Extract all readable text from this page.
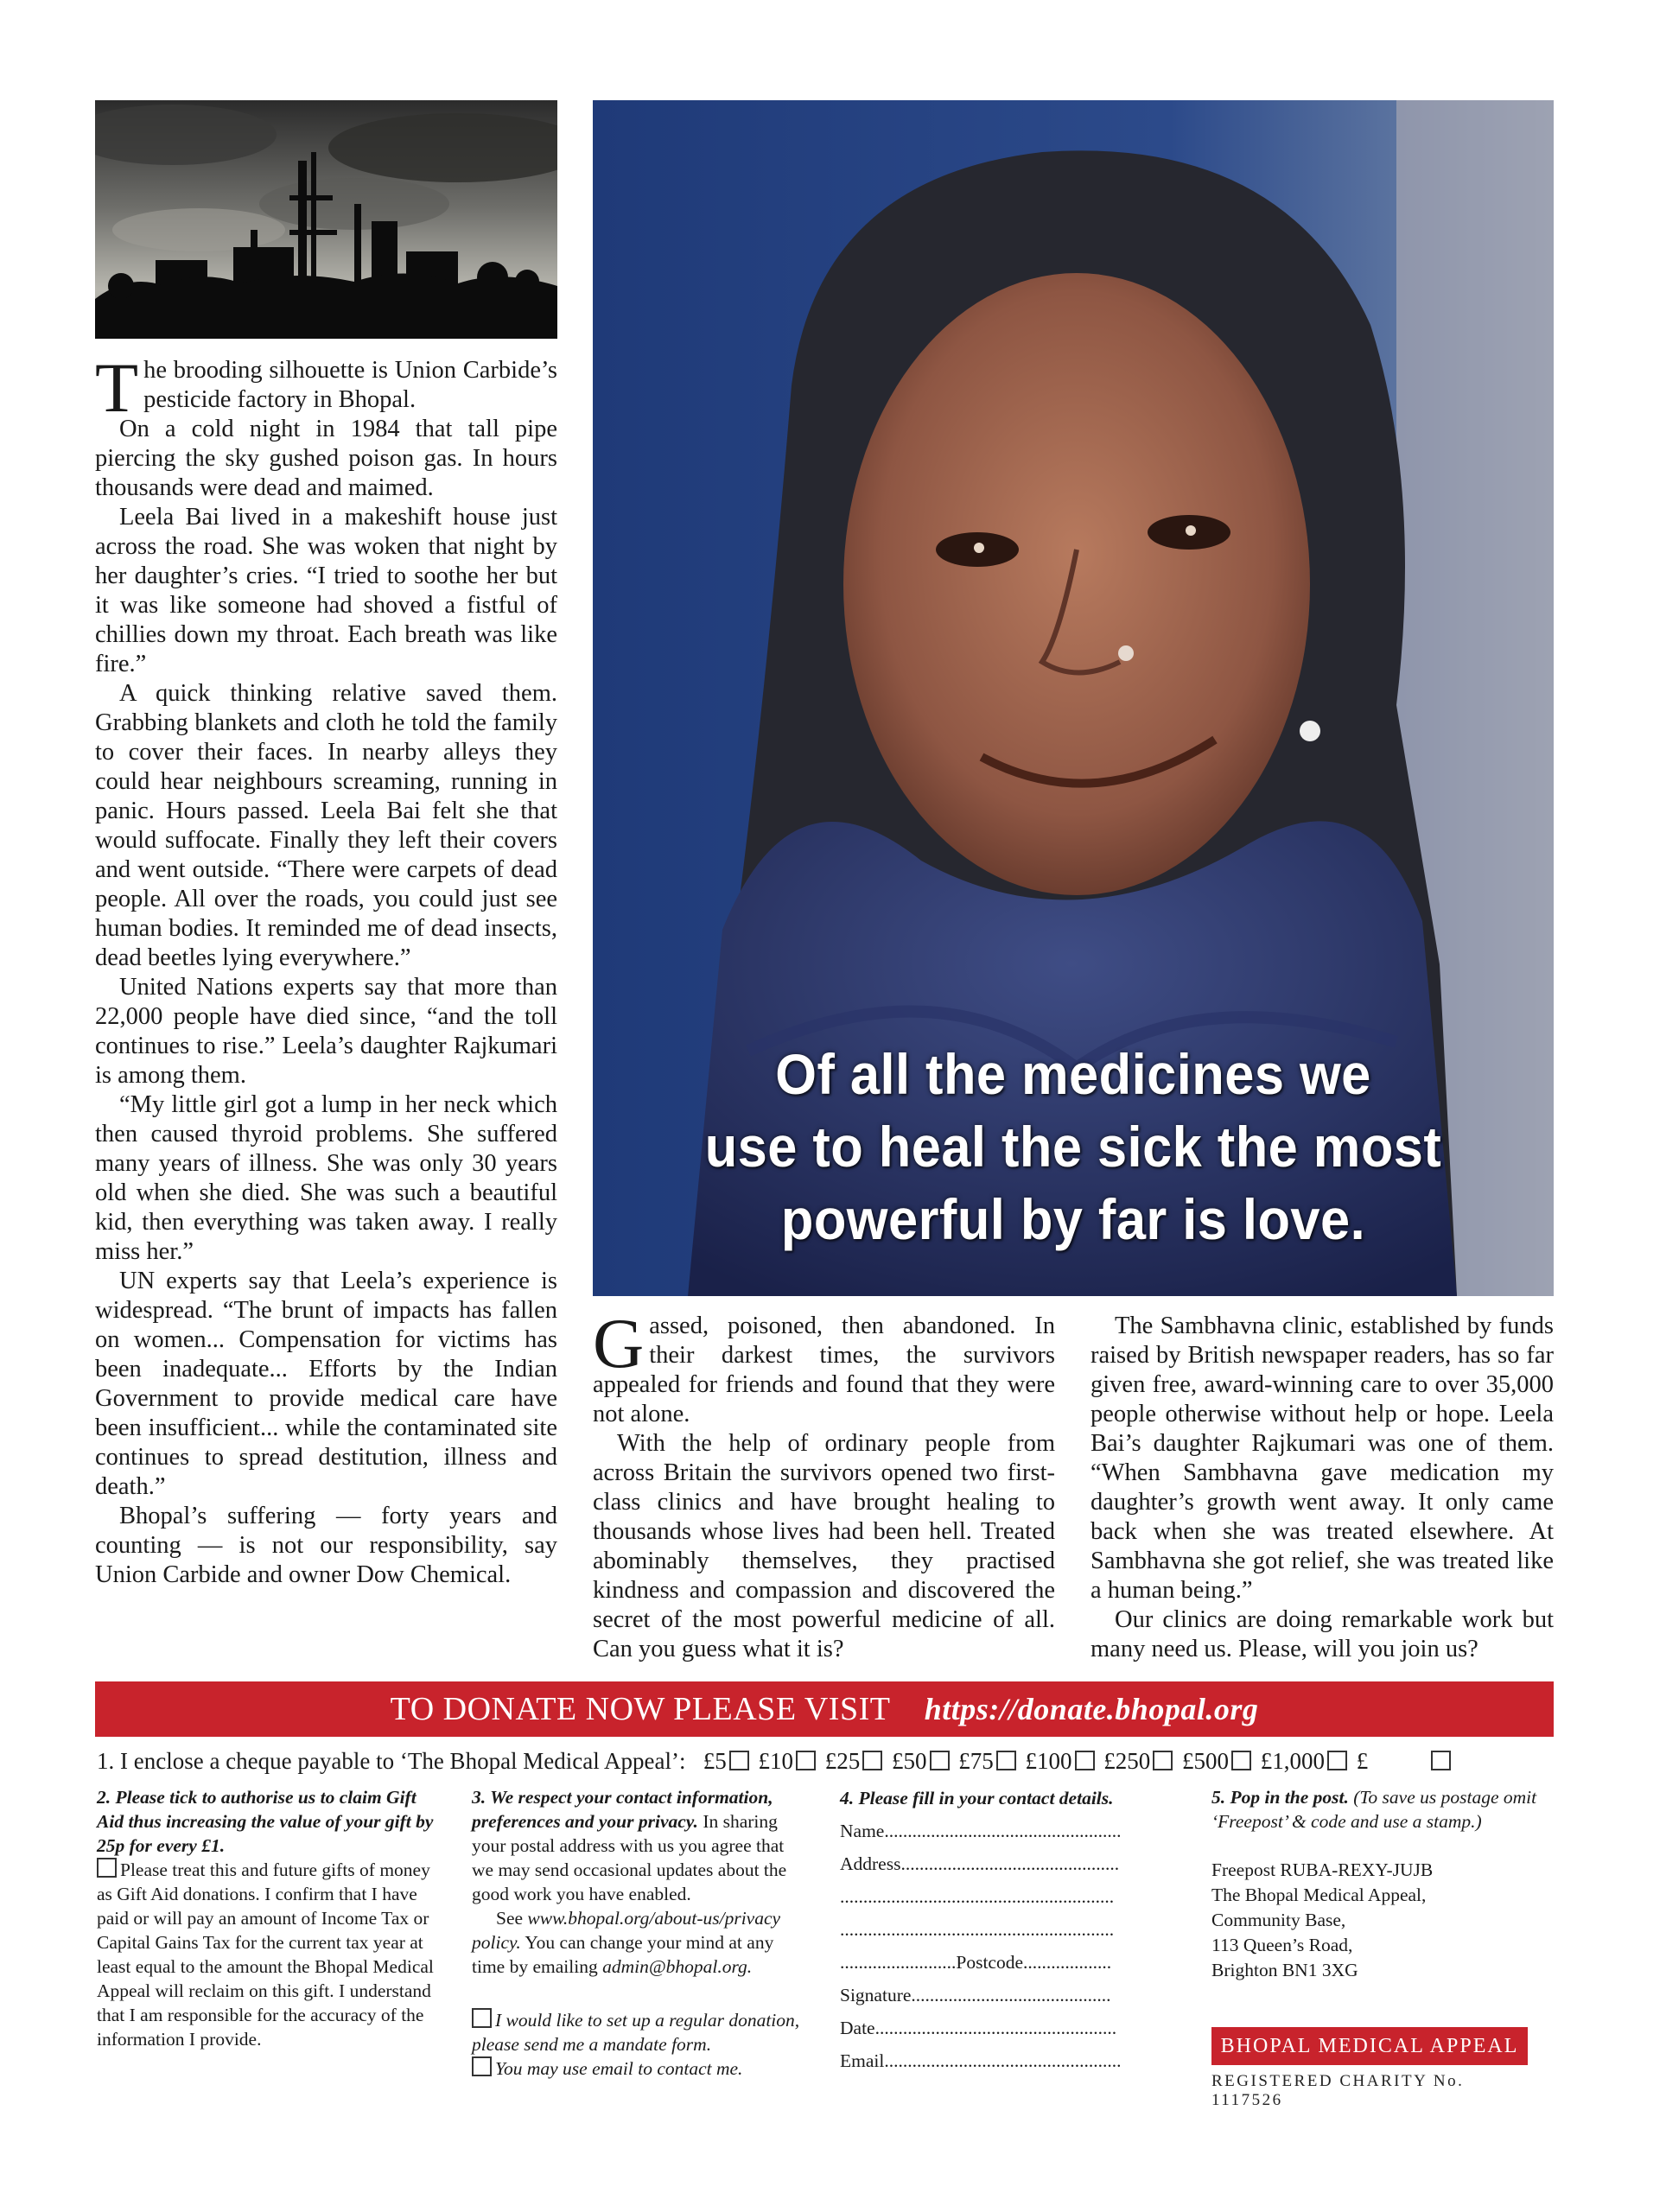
Of all the medicines we
use to heal the sick the most
powerful by far is love.

The brooding silhouette is Union Carbide’s pesticide factory in Bhopal.

On a cold night in 1984 that tall pipe piercing the sky gushed poison gas. In hours thousands were dead and maimed.

Leela Bai lived in a makeshift house just across the road. She was woken that night by her daughter’s cries. “I tried to soothe her but it was like someone had shoved a fistful of chillies down my throat. Each breath was like fire.”

A quick thinking relative saved them. Grabbing blankets and cloth he told the family to cover their faces. In nearby alleys they could hear neighbours screaming, running in panic. Hours passed. Leela Bai felt she that would suffocate. Finally they left their covers and went outside. “There were carpets of dead people. All over the roads, you could just see human bodies. It reminded me of dead insects, dead beetles lying everywhere.”

United Nations experts say that more than 22,000 people have died since, “and the toll continues to rise.” Leela’s daughter Rajkumari is among them.

“My little girl got a lump in her neck which then caused thyroid problems. She suffered many years of illness. She was only 30 years old when she died. She was such a beautiful kid, then everything was taken away. I really miss her.”

UN experts say that Leela’s experience is widespread. “The brunt of impacts has fallen on women... Compensation for victims has been inadequate... Efforts by the Indian Government to provide medical care have been insufficient... while the contaminated site continues to spread destitution, illness and death.”

Bhopal’s suffering — forty years and counting — is not our responsibility, say Union Carbide and owner Dow Chemical.

Gassed, poisoned, then abandoned. In their darkest times, the survivors appealed for friends and found that they were not alone.

With the help of ordinary people from across Britain the survivors opened two first-class clinics and have brought healing to thousands whose lives had been hell. Treated abominably themselves, they practised kindness and compassion and discovered the secret of the most powerful medicine of all. Can you guess what it is?

The Sambhavna clinic, established by funds raised by British newspaper readers, has so far given free, award-winning care to over 35,000 people otherwise without help or hope. Leela Bai’s daughter Rajkumari was one of them. “When Sambhavna gave medication my daughter’s growth went away. It only came back when she was treated elsewhere. At Sambhavna she got relief, she was treated like a human being.”

Our clinics are doing remarkable work but many need us. Please, will you join us?

TO DONATE NOW PLEASE VISIT https://donate.bhopal.org
1. I enclose a cheque payable to ‘The Bhopal Medical Appeal’: £5 £10 £25 £50 £75 £100 £250 £500 £1,000 £
2. Please tick to authorise us to claim Gift Aid thus increasing the value of your gift by 25p for every £1.
Please treat this and future gifts of money as Gift Aid donations. I confirm that I have paid or will pay an amount of Income Tax or Capital Gains Tax for the current tax year at least equal to the amount the Bhopal Medical Appeal will reclaim on this gift. I understand that I am responsible for the accuracy of the information I provide.
3. We respect your contact information, preferences and your privacy. In sharing your postal address with us you agree that we may send occasional updates about the good work you have enabled.
See www.bhopal.org/about-us/privacy policy. You can change your mind at any time by emailing admin@bhopal.org.
I would like to set up a regular donation, please send me a mandate form.
You may use email to contact me.
4. Please fill in your contact details.
Name...................................................
Address...............................................
...........................................................
...........................................................
.........................Postcode...................
Signature...........................................
Date....................................................
Email...................................................
5. Pop in the post. (To save us postage omit ‘Freepost’ & code and use a stamp.)
Freepost RUBA-REXY-JUJB
The Bhopal Medical Appeal,
Community Base,
113 Queen’s Road,
Brighton BN1 3XG
BHOPAL MEDICAL APPEAL
REGISTERED CHARITY No. 1117526
